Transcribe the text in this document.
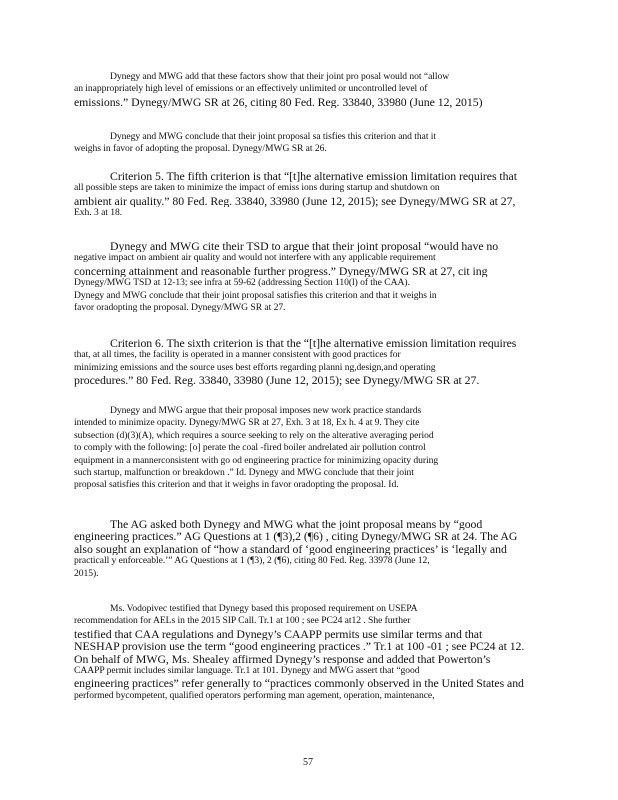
Dynegy and MWG add that these factors show that their joint pro posal would not “allow
an inappropriately high level of emissions or an effectively unlimited or uncontrolled level of
emissions.” Dynegy/MWG SR at 26, citing 80 Fed. Reg. 33840, 33980 (June 12, 2015)

Dynegy and MWG conclude that their joint proposal sa tisfies this criterion and that it
weighs in favor of adopting the proposal. Dynegy/MWG SR at 26.

Criterion 5. The fifth criterion is that “[t]he alternative emission limitation requires that
all possible steps are taken to minimize the impact of emiss ions during startup and shutdown on
ambient air quality.” 80 Fed. Reg. 33840, 33980 (June 12, 2015); see Dynegy/MWG SR at 27,
Exh. 3 at 18.

Dynegy and MWG cite their TSD to argue that their joint proposal “would have no
negative impact on ambient air quality and would not interfere with any applicable requirement
concerning attainment and reasonable further progress.” Dynegy/MWG SR at 27, cit ing
Dynegy/MWG TSD at 12-13; see infra at 59-62 (addressing Section 110(l) of the CAA).
Dynegy and MWG conclude that their joint proposal satisfies this criterion and that it weighs in
favor oradopting the proposal. Dynegy/MWG SR at 27.

Criterion 6. The sixth criterion is that the “[t]he alternative emission limitation requires
that, at all times, the facility is operated in a manner consistent with good practices for
minimizing emissions and the source uses best efforts regarding planni ng,design,and operating
procedures.” 80 Fed. Reg. 33840, 33980 (June 12, 2015); see Dynegy/MWG SR at 27.

Dynegy and MWG argue that their proposal imposes new work practice standards
intended to minimize opacity. Dynegy/MWG SR at 27, Exh. 3 at 18, Ex h. 4 at 9. They cite
subsection (d)(3)(A), which requires a source seeking to rely on the alterative averaging period
to comply with the following: [o] perate the coal -fired boiler andrelated air pollution control
equipment in a mannerconsistent with go od engineering practice for minimizing opacity during
such startup, malfunction or breakdown .” Id. Dynegy and MWG conclude that their joint
proposal satisfies this criterion and that it weighs in favor oradopting the proposal. Id.

The AG asked both Dynegy and MWG what the joint proposal means by “good
engineering practices.” AG Questions at 1 (¶3),2 (¶6) , citing Dynegy/MWG SR at 24. The AG
also sought an explanation of “how a standard of ‘good engineering practices’ is ‘legally and
practicall y enforceable.’” AG Questions at 1 (¶3), 2 (¶6), citing 80 Fed. Reg. 33978 (June 12,
2015).

Ms. Vodopivec testified that Dynegy based this proposed requirement on USEPA
recommendation for AELs in the 2015 SIP Call. Tr.1 at 100 ; see PC24 at12 . She further
testified that CAA regulations and Dynegy’s CAAPP permits use similar terms and that
NESHAP provision use the term “good engineering practices .” Tr.1 at 100 -01 ; see PC24 at 12.
On behalf of MWG, Ms. Shealey affirmed Dynegy’s response and added that Powerton’s
CAAPP permit includes similar language. Tr.1 at 101. Dynegy and MWG assert that “good
engineering practices” refer generally to “practices commonly observed in the United States and
performed bycompetent, qualified operators performing man agement, operation, maintenance,

57
